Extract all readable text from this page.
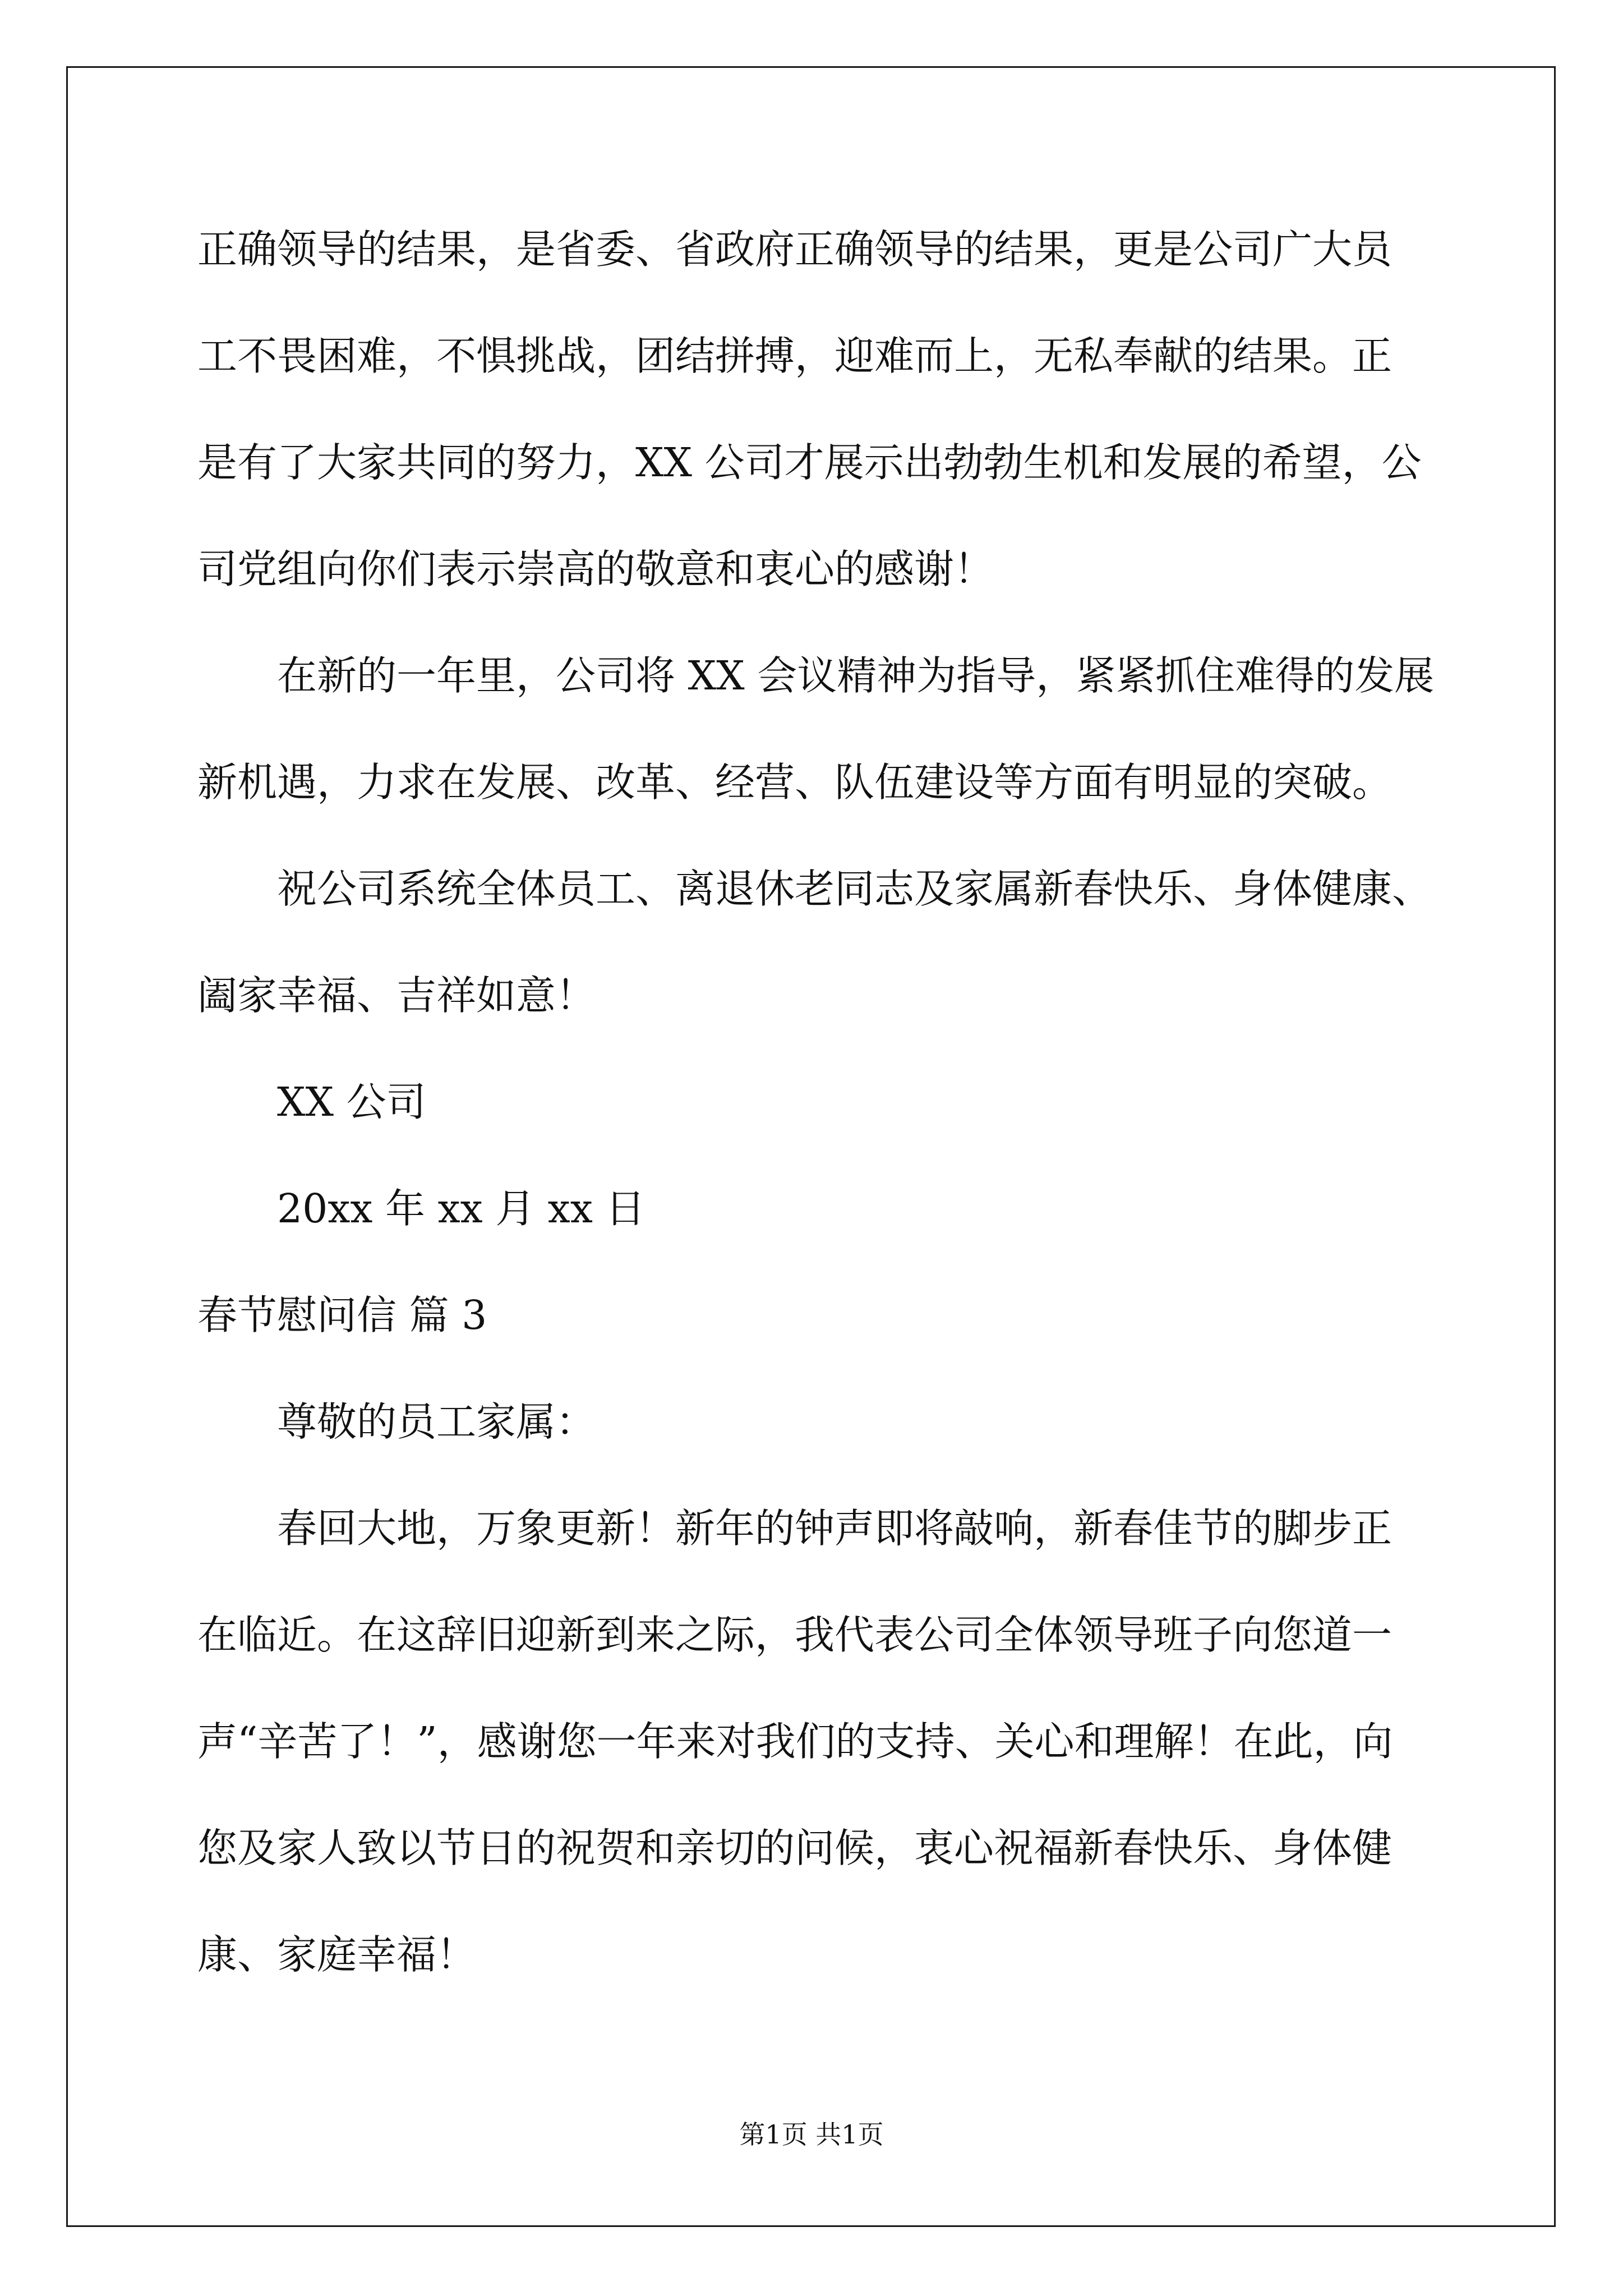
正确领导的结果，是省委、省政府正确领导的结果，更是公司广大员
工不畏困难，不惧挑战，团结拼搏，迎难而上，无私奉献的结果。正
是有了大家共同的努力，XX 公司才展示出勃勃生机和发展的希望，公
司党组向你们表示崇高的敬意和衷心的感谢！
在新的一年里，公司将 XX 会议精神为指导，紧紧抓住难得的发展
新机遇，力求在发展、改革、经营、队伍建设等方面有明显的突破。
祝公司系统全体员工、离退休老同志及家属新春快乐、身体健康、
阖家幸福、吉祥如意！
XX 公司
20xx 年 xx 月 xx 日
春节慰问信 篇 3
尊敬的员工家属：
春回大地，万象更新！新年的钟声即将敲响，新春佳节的脚步正
在临近。在这辞旧迎新到来之际，我代表公司全体领导班子向您道一
声“辛苦了！”，感谢您一年来对我们的支持、关心和理解！在此，向
您及家人致以节日的祝贺和亲切的问候，衷心祝福新春快乐、身体健
康、家庭幸福！
第1页 共1页
